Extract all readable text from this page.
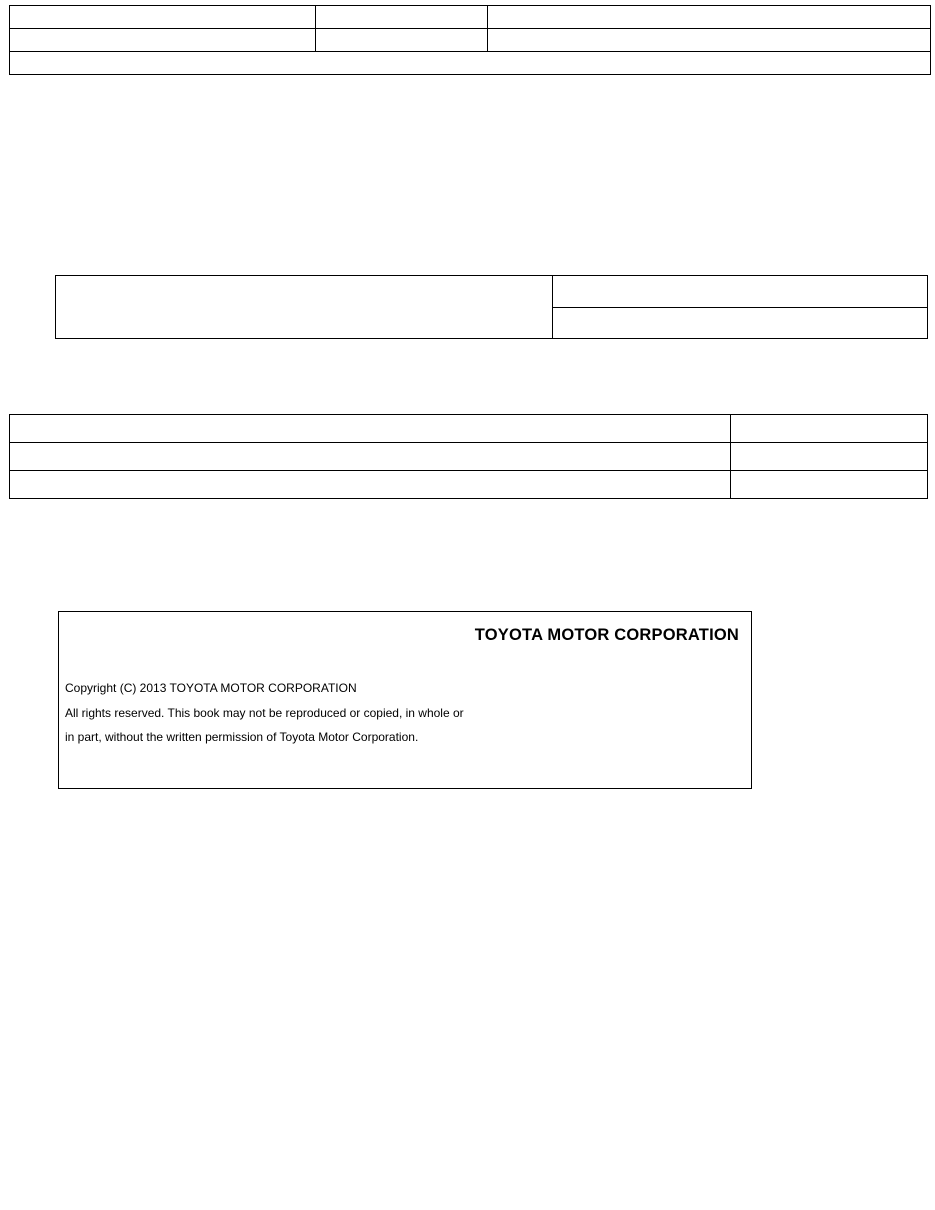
TOYOTA MOTOR CORPORATION
Copyright (C) 2013 TOYOTA MOTOR CORPORATION
All rights reserved. This book may not be reproduced or copied, in whole or
in part, without the written permission of Toyota Motor Corporation.
